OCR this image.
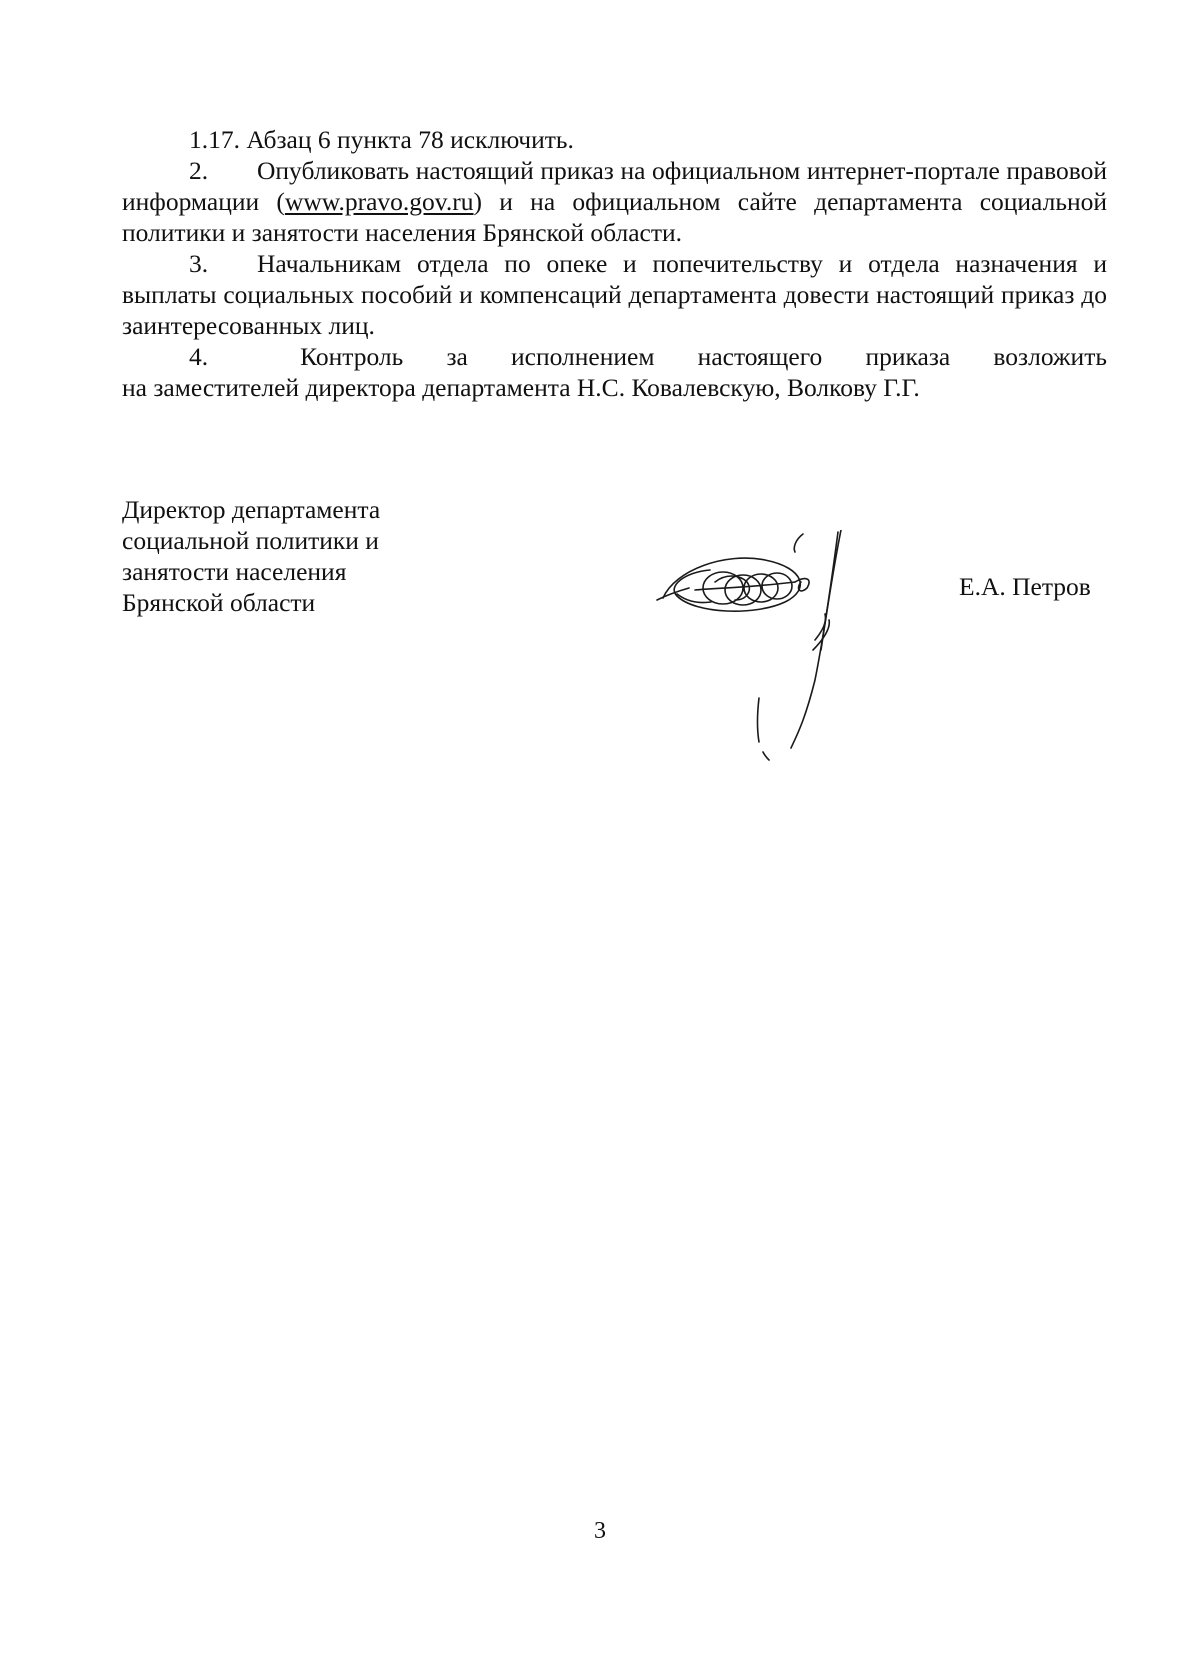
1.17. Абзац 6 пункта 78 исключить.

2. Опубликовать настоящий приказ на официальном интернет-портале правовой информации (www.pravo.gov.ru) и на официальном сайте департамента социальной политики и занятости населения Брянской области.

3. Начальникам отдела по опеке и попечительству и отдела назначения и выплаты социальных пособий и компенсаций департамента довести настоящий приказ до заинтересованных лиц.

4.	Контроль за исполнением настоящего приказа возложить
на заместителей директора департамента Н.С. Ковалевскую, Волкову Г.Г.
Директор департамента
социальной политики и
занятости населения
Брянской области
Е.А. Петров
3
